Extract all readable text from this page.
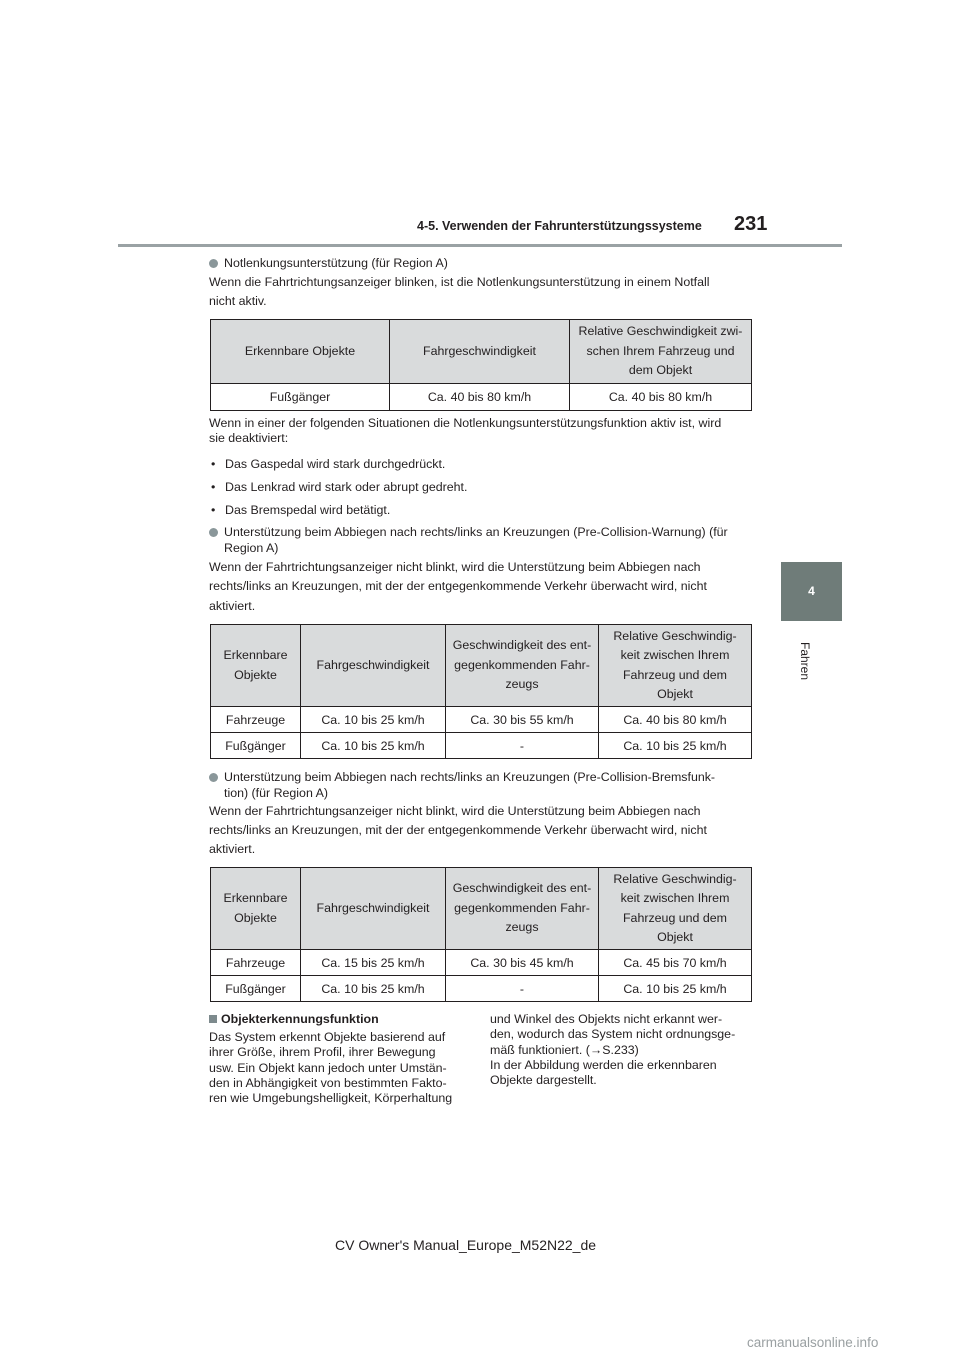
4-5. Verwenden der Fahrunterstützungssysteme 231
4
Fahren
Notlenkungsunterstützung (für Region A)
Wenn die Fahrtrichtungsanzeiger blinken, ist die Notlenkungsunterstützung in einem Notfall
nicht aktiv.
Erkennbare Objekte	Fahrgeschwindigkeit	Relative Geschwindigkeit zwi-
schen Ihrem Fahrzeug und
dem Objekt
Fußgänger	Ca. 40 bis 80 km/h	Ca. 40 bis 80 km/h
Wenn in einer der folgenden Situationen die Notlenkungsunterstützungsfunktion aktiv ist, wird
sie deaktiviert:
• Das Gaspedal wird stark durchgedrückt.
• Das Lenkrad wird stark oder abrupt gedreht.
• Das Bremspedal wird betätigt.
Unterstützung beim Abbiegen nach rechts/links an Kreuzungen (Pre-Collision-Warnung) (für
Region A)
Wenn der Fahrtrichtungsanzeiger nicht blinkt, wird die Unterstützung beim Abbiegen nach
rechts/links an Kreuzungen, mit der der entgegenkommende Verkehr überwacht wird, nicht
aktiviert.
Erkennbare
Objekte	Fahrgeschwindigkeit	Geschwindigkeit des ent-
gegenkommenden Fahr-
zeugs	Relative Geschwindig-
keit zwischen Ihrem
Fahrzeug und dem
Objekt
Fahrzeuge	Ca. 10 bis 25 km/h	Ca. 30 bis 55 km/h	Ca. 40 bis 80 km/h
Fußgänger	Ca. 10 bis 25 km/h	-	Ca. 10 bis 25 km/h
Unterstützung beim Abbiegen nach rechts/links an Kreuzungen (Pre-Collision-Bremsfunk-
tion) (für Region A)
Wenn der Fahrtrichtungsanzeiger nicht blinkt, wird die Unterstützung beim Abbiegen nach
rechts/links an Kreuzungen, mit der der entgegenkommende Verkehr überwacht wird, nicht
aktiviert.
Erkennbare
Objekte	Fahrgeschwindigkeit	Geschwindigkeit des ent-
gegenkommenden Fahr-
zeugs	Relative Geschwindig-
keit zwischen Ihrem
Fahrzeug und dem
Objekt
Fahrzeuge	Ca. 15 bis 25 km/h	Ca. 30 bis 45 km/h	Ca. 45 bis 70 km/h
Fußgänger	Ca. 10 bis 25 km/h	-	Ca. 10 bis 25 km/h
Objekterkennungsfunktion
Das System erkennt Objekte basierend auf
ihrer Größe, ihrem Profil, ihrer Bewegung
usw. Ein Objekt kann jedoch unter Umstän-
den in Abhängigkeit von bestimmten Fakto-
ren wie Umgebungshelligkeit, Körperhaltung
und Winkel des Objekts nicht erkannt wer-
den, wodurch das System nicht ordnungsge-
mäß funktioniert. (→S.233)
In der Abbildung werden die erkennbaren
Objekte dargestellt.
CV Owner's Manual_Europe_M52N22_de
carmanualsonline.info
